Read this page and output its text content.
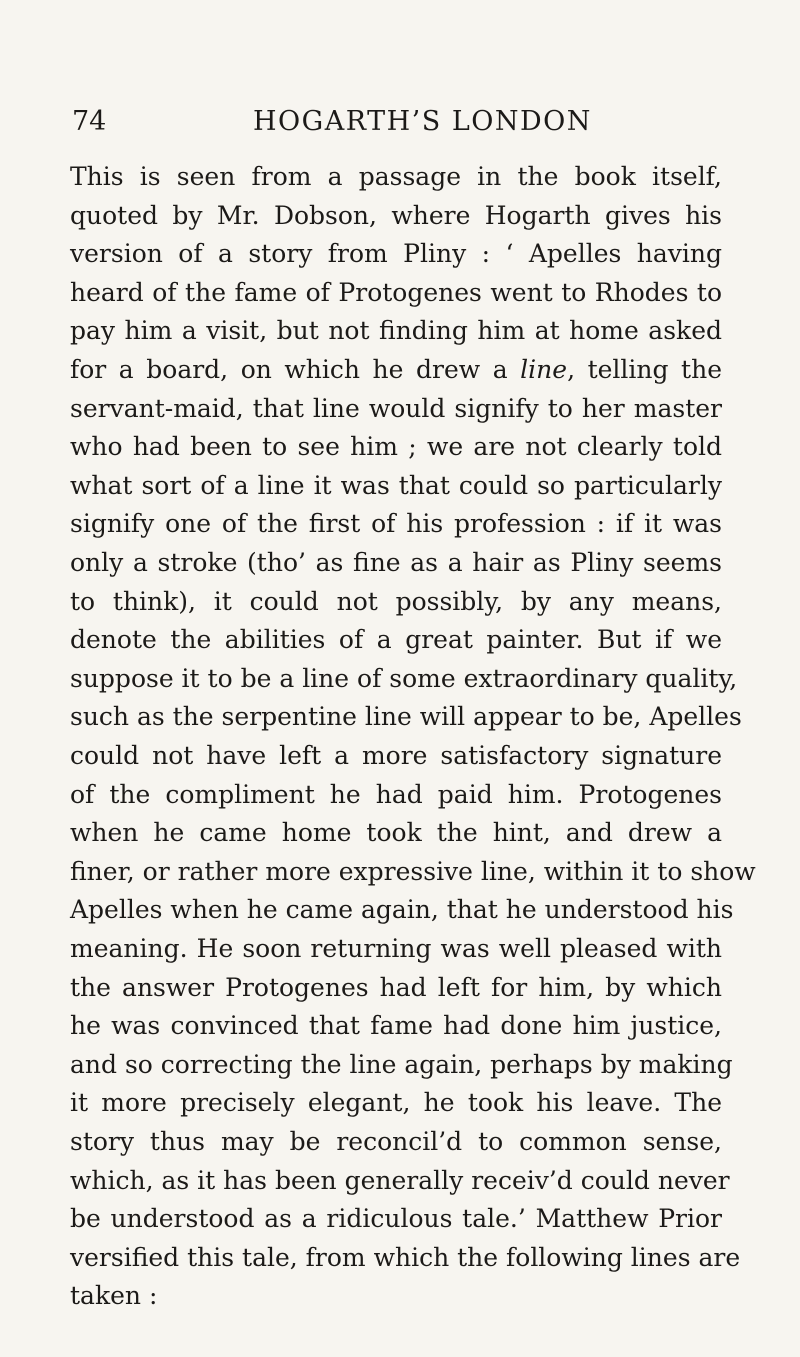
74	HOGARTH’S LONDON
This is seen from a passage in the book itself,
quoted by Mr. Dobson, where Hogarth gives his
version of a story from Pliny : ‘ Apelles having
heard of the fame of Protogenes went to Rhodes to
pay him a visit, but not finding him at home asked
for a board, on which he drew a line, telling the
servant-maid, that line would signify to her master
who had been to see him ; we are not clearly told
what sort of a line it was that could so particularly
signify one of the first of his profession : if it was
only a stroke (tho’ as fine as a hair as Pliny seems
to think), it could not possibly, by any means,
denote the abilities of a great painter. But if we
suppose it to be a line of some extraordinary quality,
such as the serpentine line will appear to be, Apelles
could not have left a more satisfactory signature
of the compliment he had paid him. Protogenes
when he came home took the hint, and drew a
finer, or rather more expressive line, within it to show
Apelles when he came again, that he understood his
meaning. He soon returning was well pleased with
the answer Protogenes had left for him, by which
he was convinced that fame had done him justice,
and so correcting the line again, perhaps by making
it more precisely elegant, he took his leave. The
story thus may be reconcil’d to common sense,
which, as it has been generally receiv’d could never
be understood as a ridiculous tale.’ Matthew Prior
versified this tale, from which the following lines are
taken :
